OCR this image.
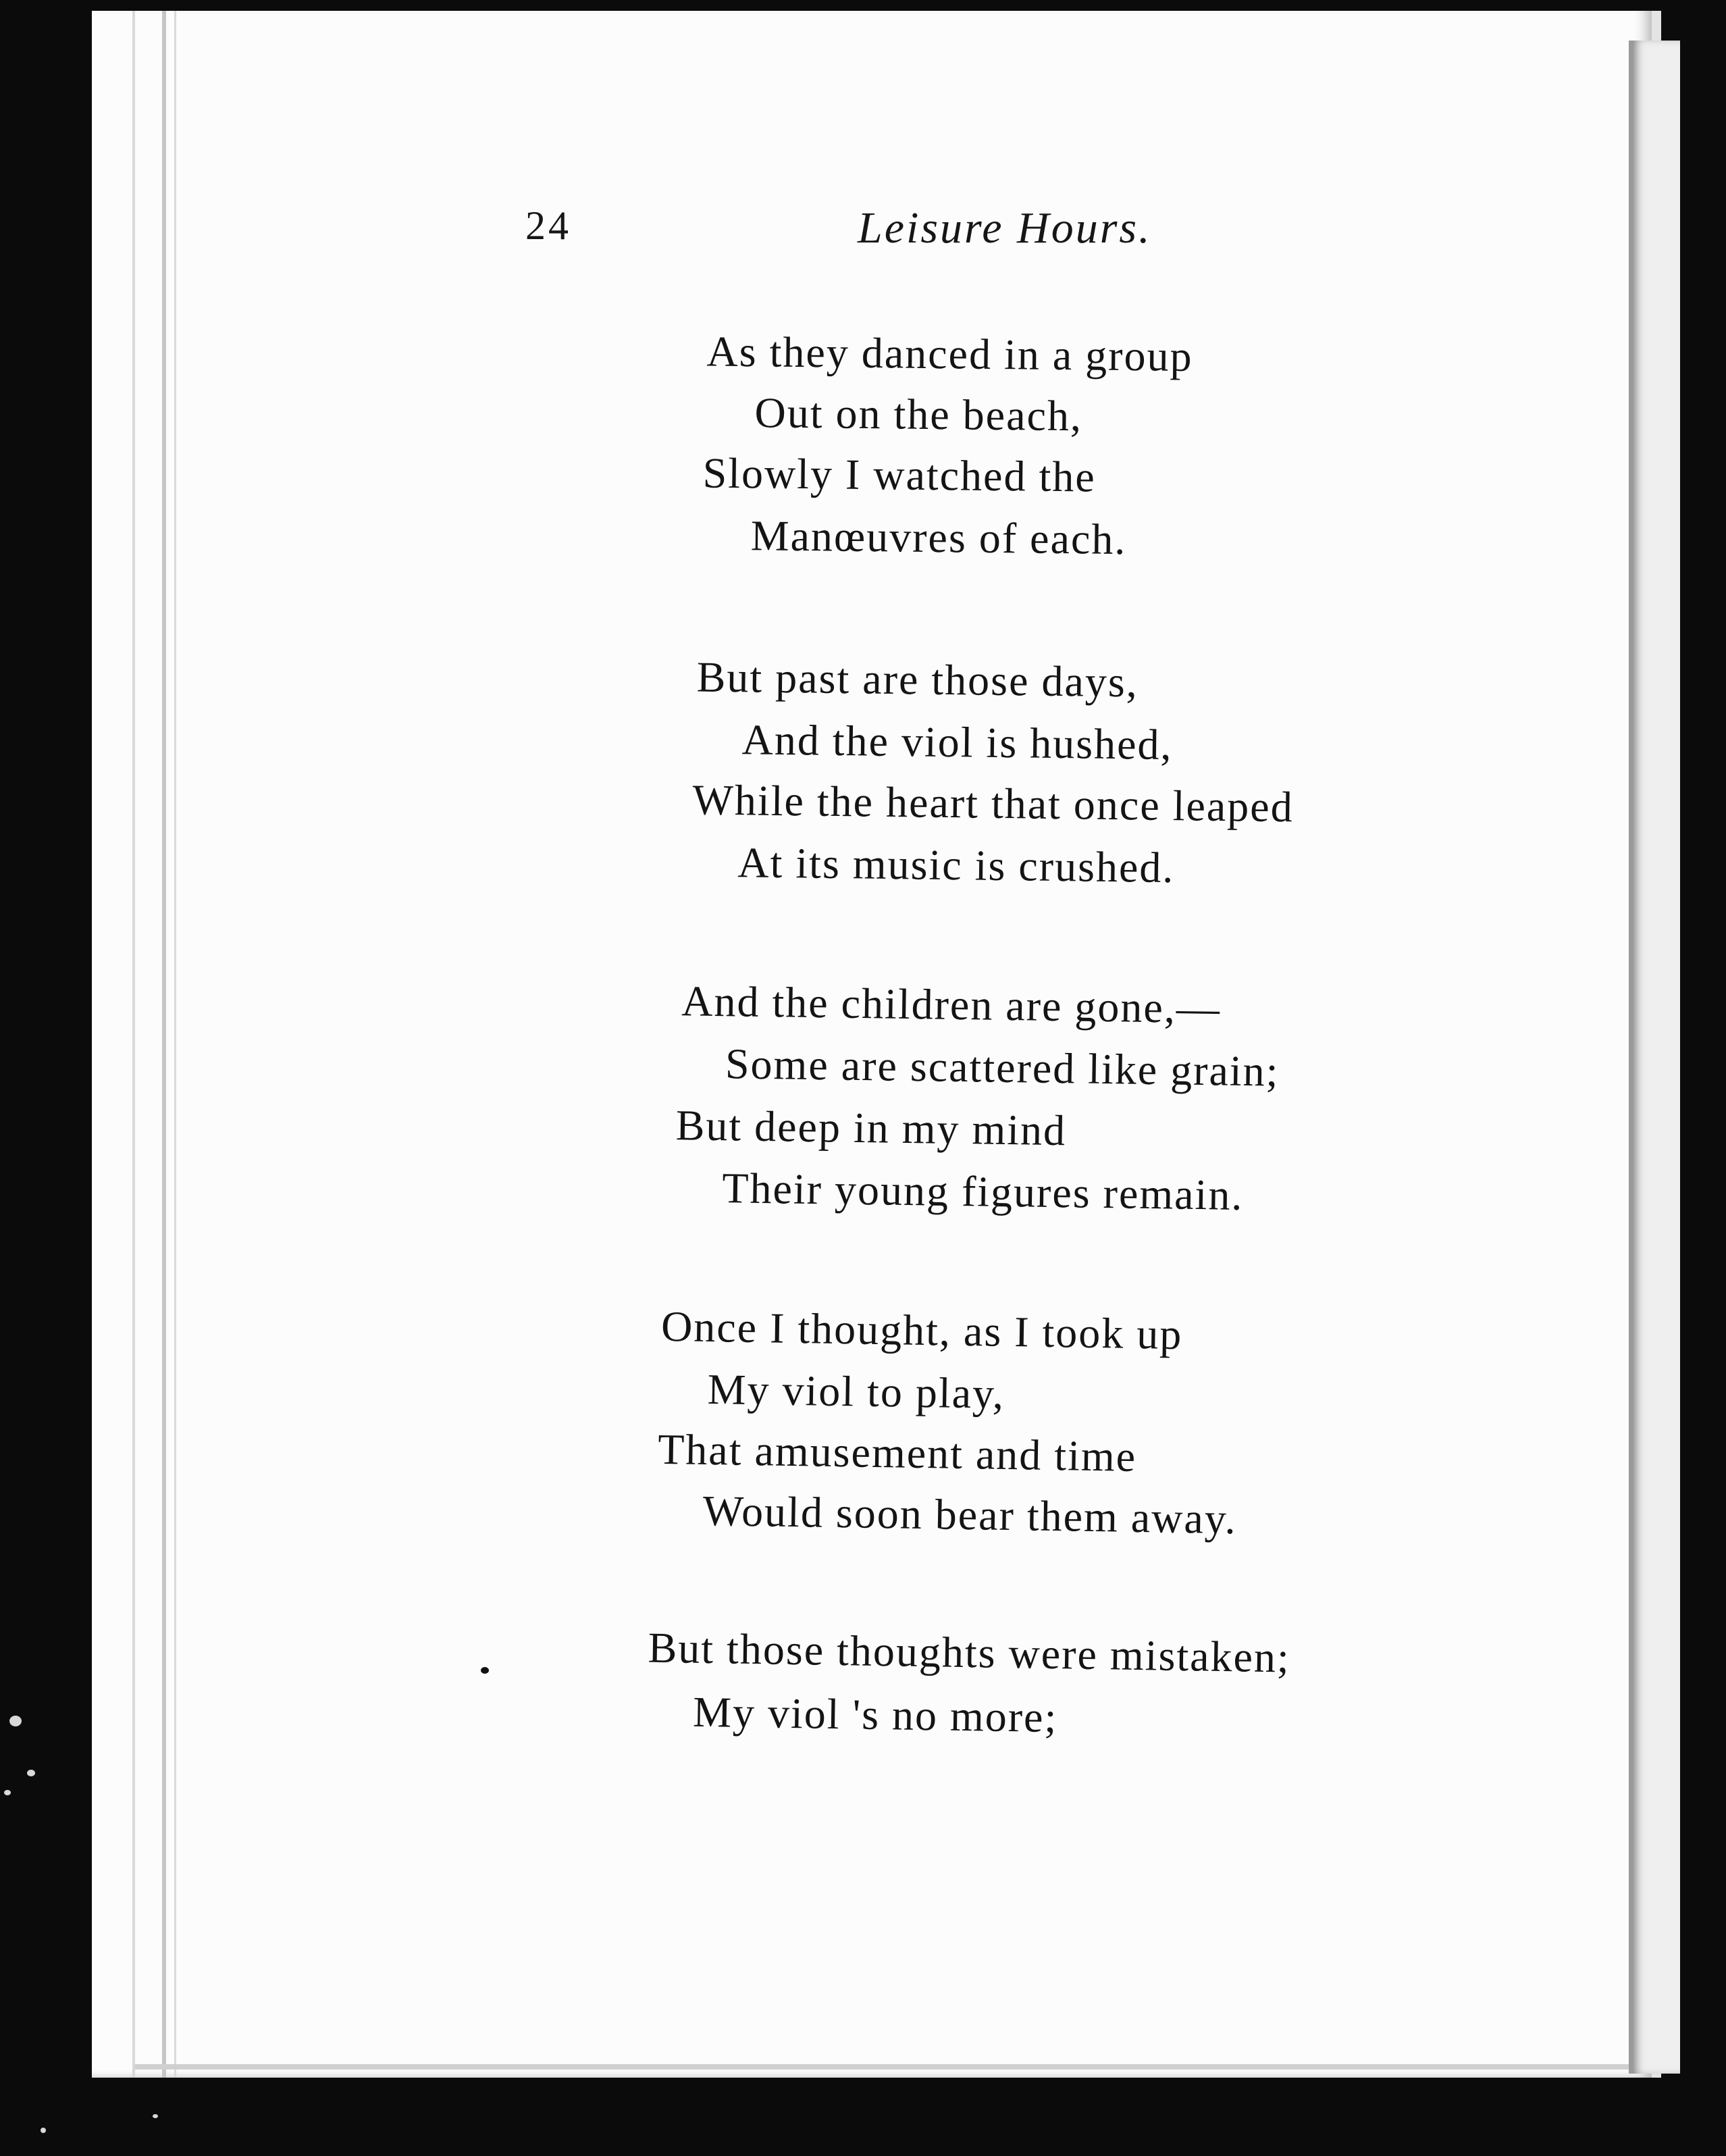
24	Leisure Hours.
As they danced in a group
Out on the beach,
Slowly I watched the
Manœuvres of each.
But past are those days,
And the viol is hushed,
While the heart that once leaped
At its music is crushed.
And the children are gone,—
Some are scattered like grain;
But deep in my mind
Their young figures remain.
Once I thought, as I took up
My viol to play,
That amusement and time
Would soon bear them away.
But those thoughts were mistaken;
My viol 's no more;
